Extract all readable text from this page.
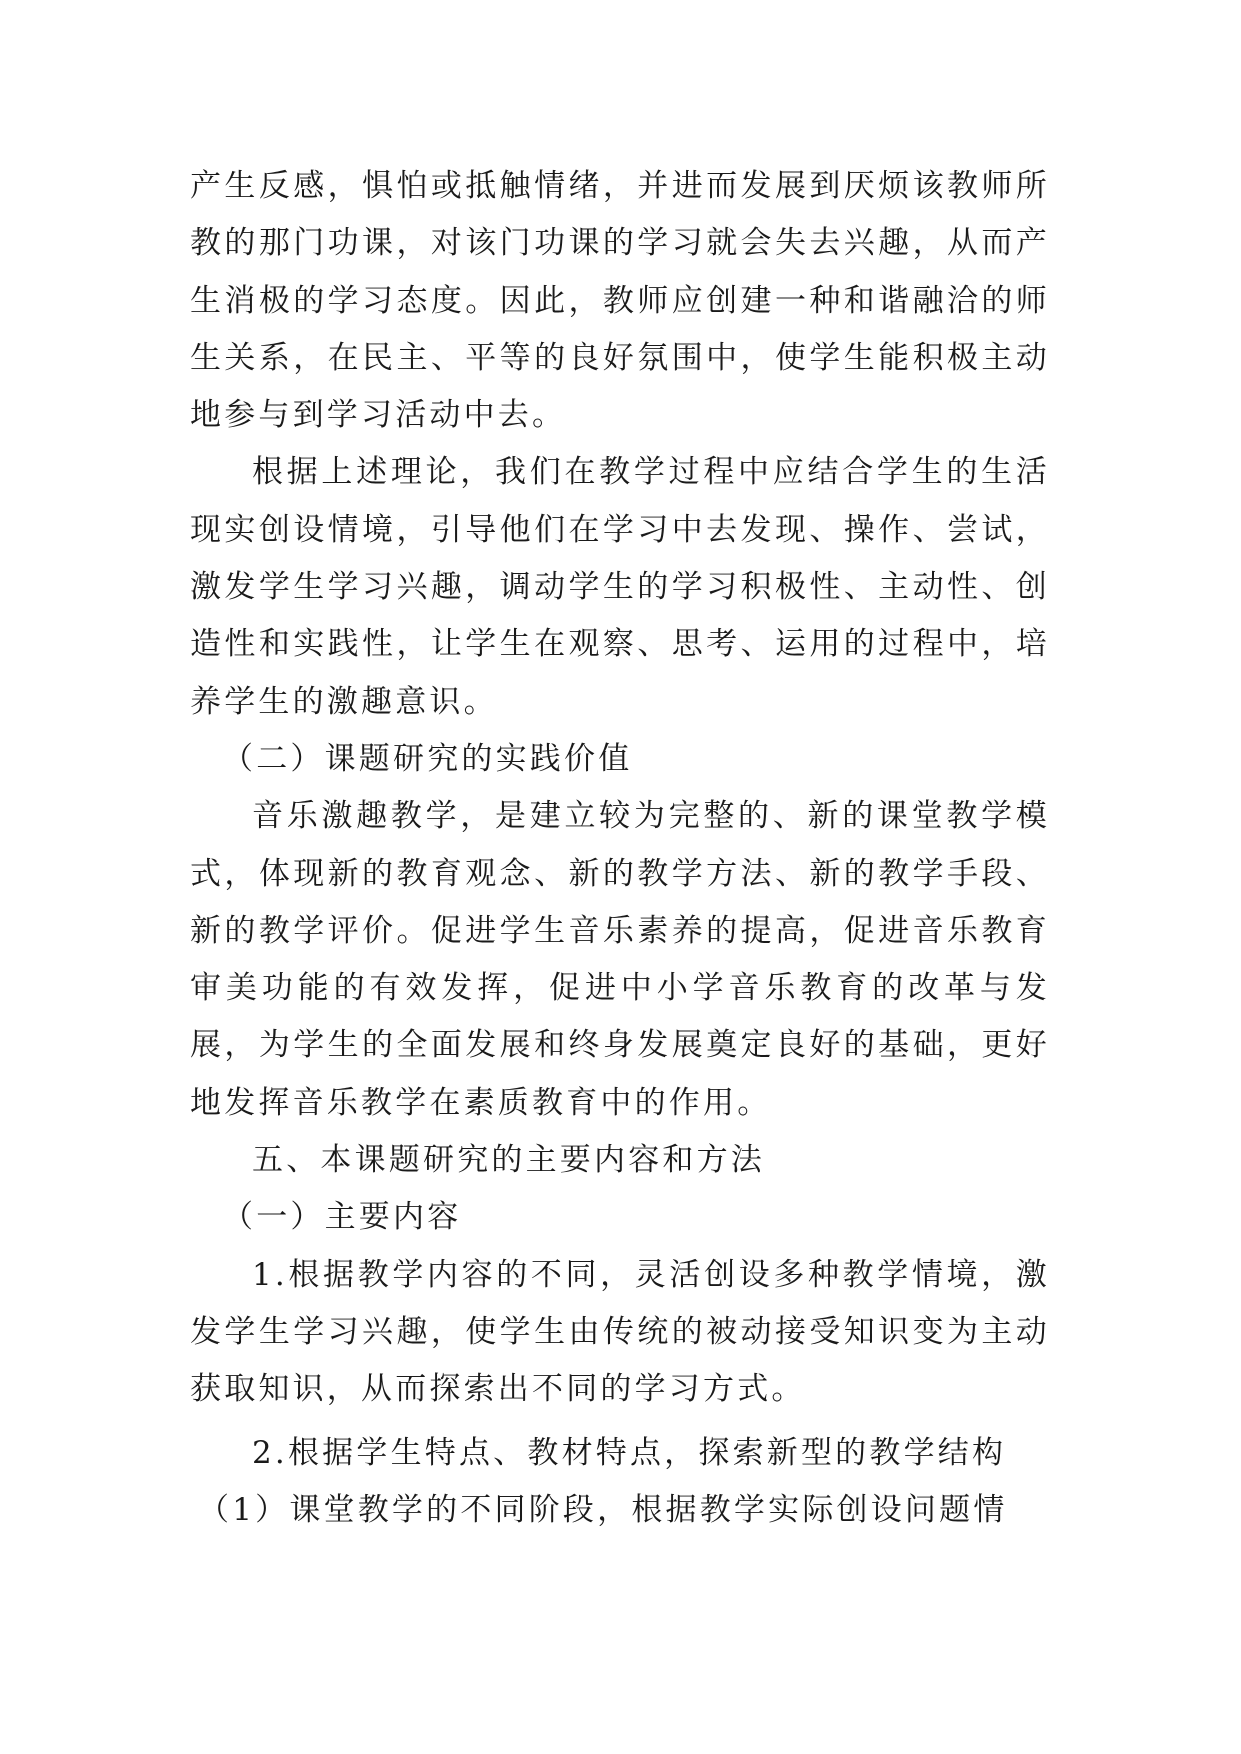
产生反感，惧怕或抵触情绪，并进而发展到厌烦该教师所教的那门功课，对该门功课的学习就会失去兴趣，从而产生消极的学习态度。因此，教师应创建一种和谐融洽的师生关系，在民主、平等的良好氛围中，使学生能积极主动地参与到学习活动中去。

根据上述理论，我们在教学过程中应结合学生的生活现实创设情境，引导他们在学习中去发现、操作、尝试，激发学生学习兴趣，调动学生的学习积极性、主动性、创造性和实践性，让学生在观察、思考、运用的过程中，培养学生的激趣意识。

（二）课题研究的实践价值

音乐激趣教学，是建立较为完整的、新的课堂教学模式，体现新的教育观念、新的教学方法、新的教学手段、新的教学评价。促进学生音乐素养的提高，促进音乐教育审美功能的有效发挥，促进中小学音乐教育的改革与发展，为学生的全面发展和终身发展奠定良好的基础，更好地发挥音乐教学在素质教育中的作用。

五、本课题研究的主要内容和方法

（一）主要内容

1.根据教学内容的不同，灵活创设多种教学情境，激发学生学习兴趣，使学生由传统的被动接受知识变为主动获取知识，从而探索出不同的学习方式。

2.根据学生特点、教材特点，探索新型的教学结构

（1）课堂教学的不同阶段，根据教学实际创设问题情
